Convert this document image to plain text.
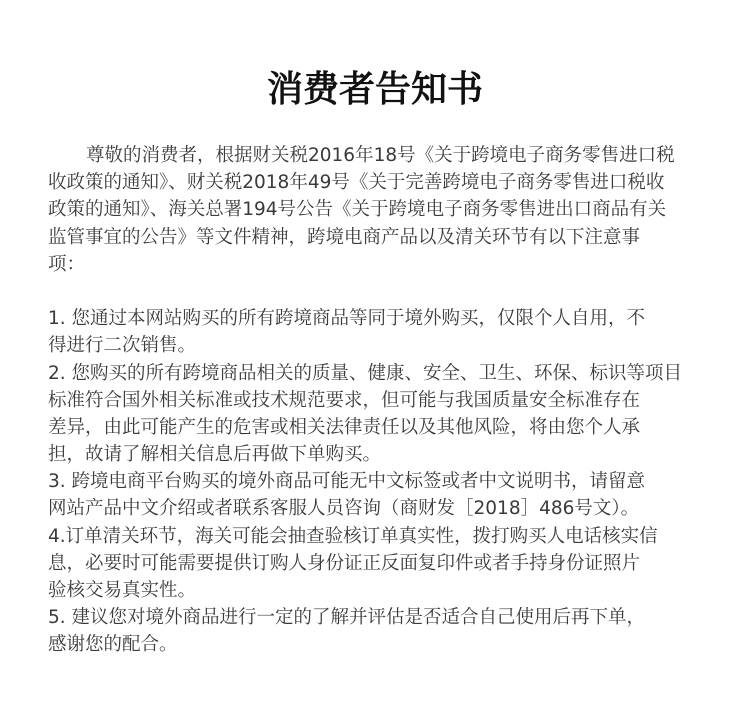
消费者告知书
尊敬的消费者，根据财关税2016年18号《关于跨境电子商务零售进口税
收政策的通知》、财关税2018年49号《关于完善跨境电子商务零售进口税收
政策的通知》、海关总署194号公告《关于跨境电子商务零售进出口商品有关
监管事宜的公告》等文件精神，跨境电商产品以及清关环节有以下注意事
项：
1. 您通过本网站购买的所有跨境商品等同于境外购买，仅限个人自用，不
得进行二次销售。
2. 您购买的所有跨境商品相关的质量、健康、安全、卫生、环保、标识等项目
标准符合国外相关标准或技术规范要求，但可能与我国质量安全标准存在
差异，由此可能产生的危害或相关法律责任以及其他风险，将由您个人承
担，故请了解相关信息后再做下单购买。
3. 跨境电商平台购买的境外商品可能无中文标签或者中文说明书，请留意
网站产品中文介绍或者联系客服人员咨询（商财发［2018］486号文）。
4.订单清关环节，海关可能会抽查验核订单真实性，拨打购买人电话核实信
息，必要时可能需要提供订购人身份证正反面复印件或者手持身份证照片
验核交易真实性。
5. 建议您对境外商品进行一定的了解并评估是否适合自己使用后再下单，
感谢您的配合。
